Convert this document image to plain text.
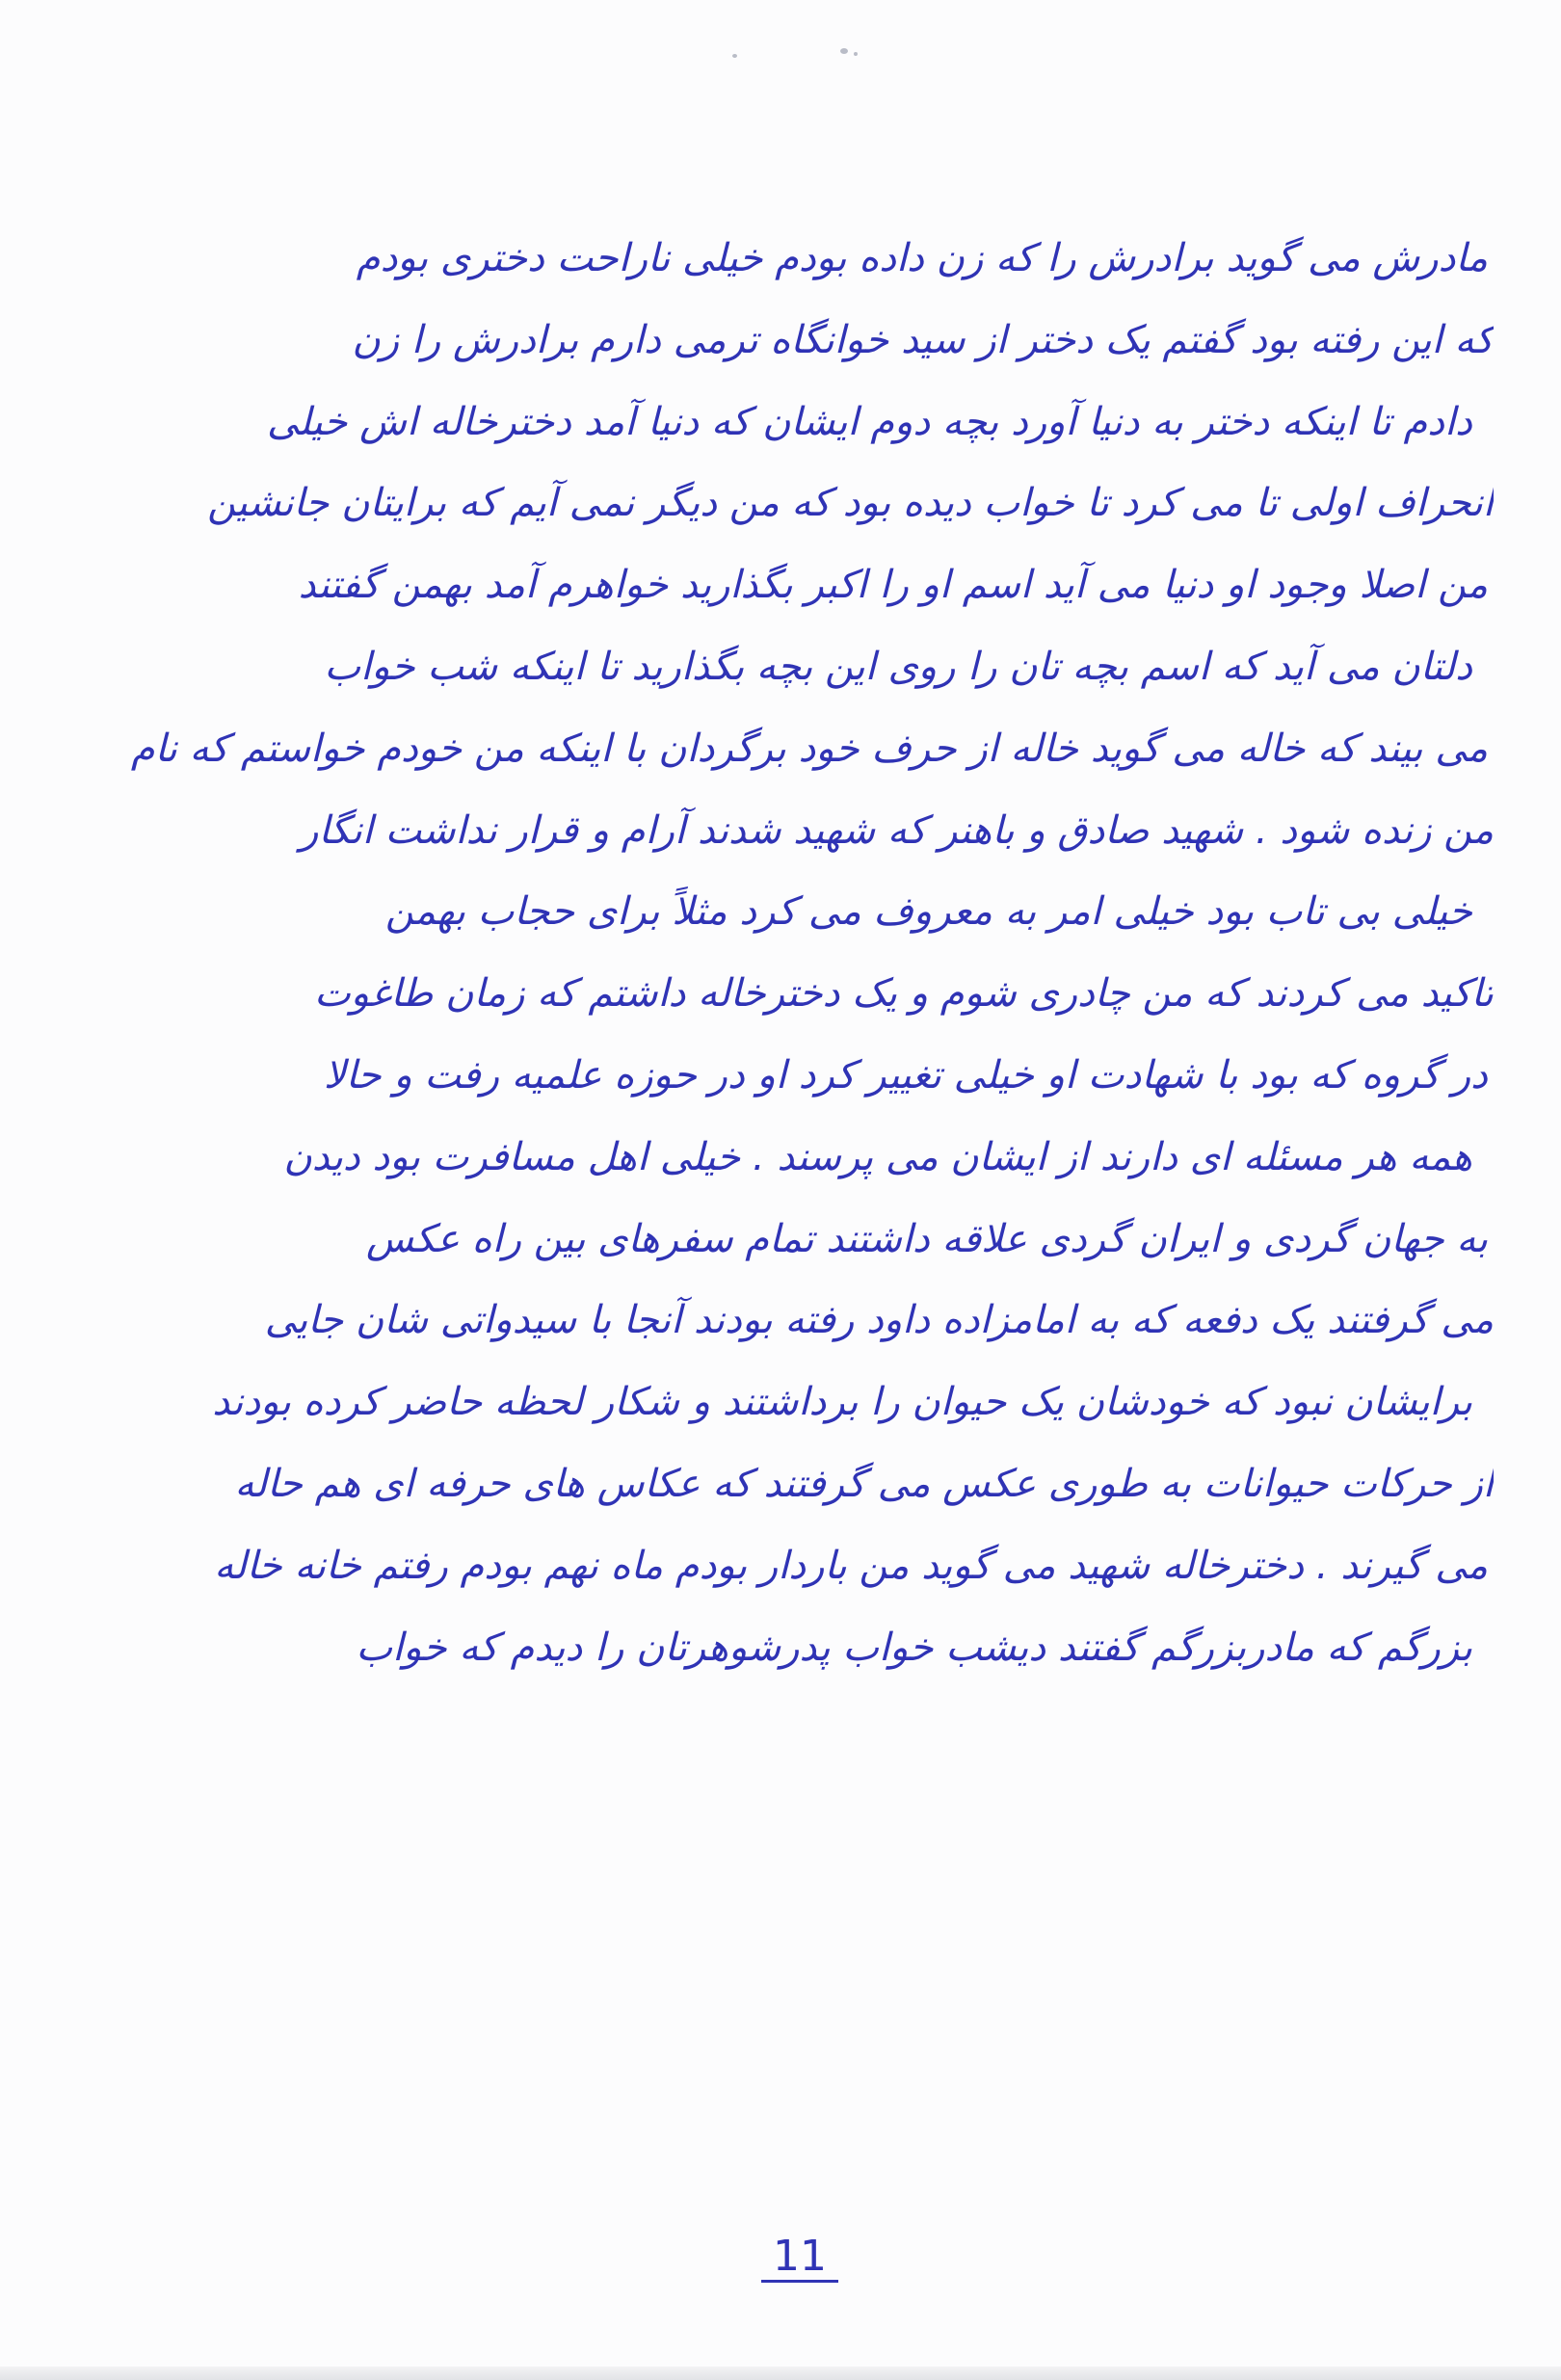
مادرش می گوید برادرش را که زن داده بودم خیلی ناراحت دختری بودم
که این رفته بود گفتم یک دختر از سید خوانگاه ترمی دارم برادرش را زن
دادم تا اینکه دختر به دنیا آورد بچه دوم ایشان که دنیا آمد دخترخاله اش خیلی
انحراف اولی تا می کرد تا خواب دیده بود که من دیگر نمی آیم که برایتان جانشین
من اصلا وجود او دنیا می آید اسم او را اکبر بگذارید خواهرم آمد بهمن گفتند
دلتان می آید که اسم بچه تان را روی این بچه بگذارید تا اینکه شب خواب
می بیند که خاله می گوید خاله از حرف خود برگردان با اینکه من خودم خواستم که نام
من زنده شود . شهید صادق و باهنر که شهید شدند آرام و قرار نداشت انگار
خیلی بی تاب بود خیلی امر به معروف می کرد مثلاً برای حجاب بهمن
تاکید می کردند که من چادری شوم و یک دخترخاله داشتم که زمان طاغوت
در گروه که بود با شهادت او خیلی تغییر کرد او در حوزه علمیه رفت و حالا
همه هر مسئله ای دارند از ایشان می پرسند . خیلی اهل مسافرت بود دیدن
به جهان گردی و ایران گردی علاقه داشتند تمام سفرهای بین راه عکس
می گرفتند یک دفعه که به امامزاده داود رفته بودند آنجا با سیدواتی شان جایی
برایشان نبود که خودشان یک حیوان را برداشتند و شکار لحظه حاضر کرده بودند
از حرکات حیوانات به طوری عکس می گرفتند که عکاس های حرفه ای هم حاله
می گیرند . دخترخاله شهید می گوید من باردار بودم ماه نهم بودم رفتم خانه خاله
بزرگم که مادربزرگم گفتند دیشب خواب پدرشوهرتان را دیدم که خواب
11
